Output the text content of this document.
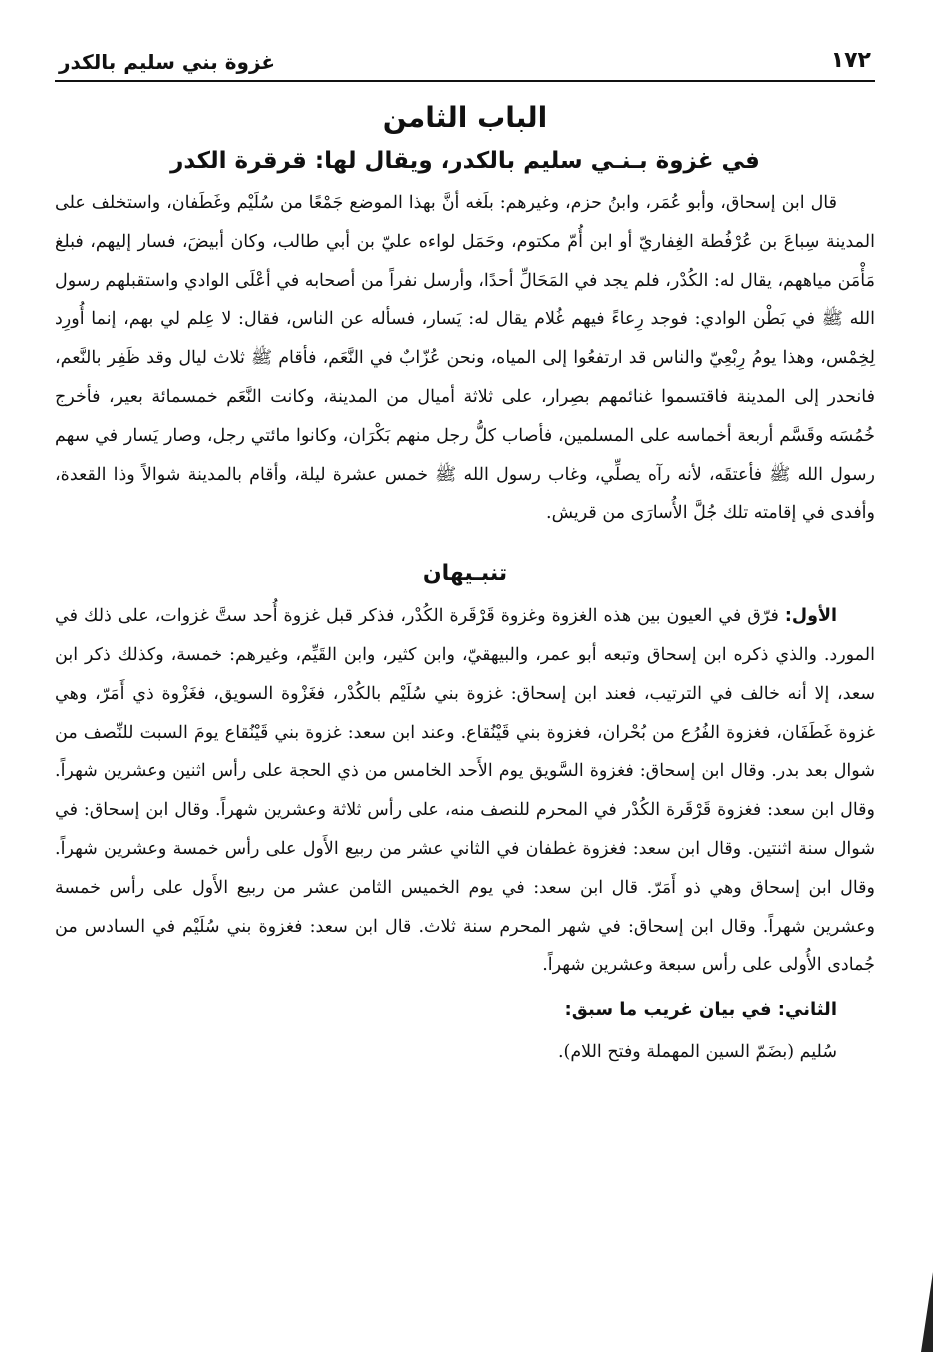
١٧٢
غزوة بني سليم بالكدر
الباب الثامن
في غزوة بـنـي سليم بالكدر، ويقال لها: قرقرة الكدر

قال ابن إسحاق، وأبو عُمَر، وابنُ حزم، وغيرهم: بلَغه أنَّ بهذا الموضع جَمْعًا من سُلَيْم وغَطَفان، واستخلف على المدينة سِباعَ بن عُرْفُطة الغِفاريّ أو ابن أُمّ مكتوم، وحَمَل لواءه عليّ بن أبي طالب، وكان أبيضَ، فسار إليهم، فبلغ مَأْمَن مياههم، يقال له: الكُدْر، فلم يجد في المَحَالِّ أحدًا، وأرسل نفراً من أصحابه في أعْلَى الوادي واستقبلهم رسول الله ﷺ في بَطْن الوادي: فوجد رِعاءً فيهم غُلام يقال له: يَسار، فسأله عن الناس، فقال: لا عِلم لي بهم، إنما أُورِد لِخِمْس، وهذا يومُ رِبْعِيّ والناس قد ارتفعُوا إلى المياه، ونحن عُزّابٌ في النَّعَم، فأقام ﷺ ثلاث ليال وقد ظَفِر بالنَّعم، فانحدر إلى المدينة فاقتسموا غنائمهم بصِرار، على ثلاثة أميال من المدينة، وكانت النَّعَم خمسمائة بعير، فأخرج خُمُسَه وقَسَّم أربعة أخماسه على المسلمين، فأصاب كلُّ رجل منهم بَكْرَان، وكانوا مائتي رجل، وصار يَسار في سهم رسول الله ﷺ فأعتقَه، لأنه رآه يصلِّي، وغاب رسول الله ﷺ خمس عشرة ليلة، وأقام بالمدينة شوالاً وذا القعدة، وأفدى في إقامته تلك جُلَّ الأُسارَى من قريش.

تنبـيهان

الأول: فرّق في العيون بين هذه الغزوة وغزوة قَرْقَرة الكُدْر، فذكر قبل غزوة أُحد ستَّ غزوات، على ذلك في المورد. والذي ذكره ابن إسحاق وتبعه أبو عمر، والبيهقيّ، وابن كثير، وابن القَيِّم، وغيرهم: خمسة، وكذلك ذكر ابن سعد، إلا أنه خالف في الترتيب، فعند ابن إسحاق: غزوة بني سُلَيْم بالكُدْر، فغَزْوة السويق، فغَزْوة ذي أَمَرّ، وهي غزوة غَطَفَان، فغزوة الفُرُع من بُحْران، فغزوة بني قَيْنُقاع. وعند ابن سعد: غزوة بني قَيْنُقاع يومَ السبت للنِّصف من شوال بعد بدر. وقال ابن إسحاق: فغزوة السَّويق يوم الأَحد الخامس من ذي الحجة على رأس اثنين وعشرين شهراً. وقال ابن سعد: فغزوة قَرْقَرة الكُدْر في المحرم للنصف منه، على رأس ثلاثة وعشرين شهراً. وقال ابن إسحاق: في شوال سنة اثنتين. وقال ابن سعد: فغزوة غطفان في الثاني عشر من ربيع الأَول على رأس خمسة وعشرين شهراً. وقال ابن إسحاق وهي ذو أَمَرّ. قال ابن سعد: في يوم الخميس الثامن عشر من ربيع الأَول على رأس خمسة وعشرين شهراً. وقال ابن إسحاق: في شهر المحرم سنة ثلاث. قال ابن سعد: فغزوة بني سُلَيْم في السادس من جُمادى الأُولى على رأس سبعة وعشرين شهراً.

الثاني: في بيان غريب ما سبق:
سُليم (بضَمّ السين المهملة وفتح اللام).
